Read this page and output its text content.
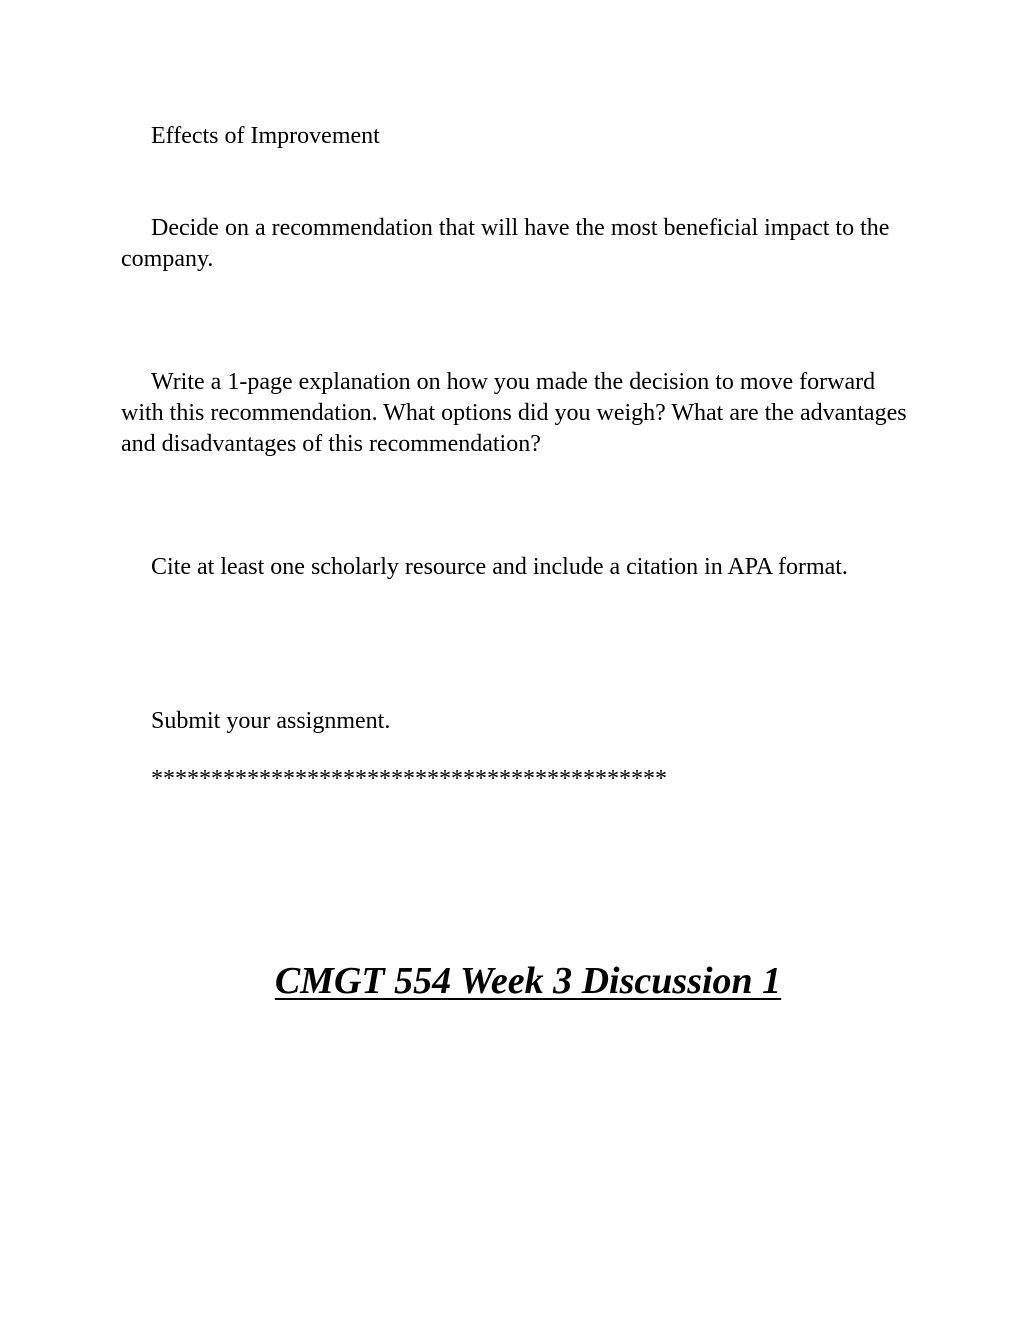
Effects of Improvement

Decide on a recommendation that will have the most beneficial impact to the company.

Write a 1-page explanation on how you made the decision to move forward with this recommendation. What options did you weigh? What are the advantages and disadvantages of this recommendation?

Cite at least one scholarly resource and include a citation in APA format.

Submit your assignment.

*******************************************

CMGT 554 Week 3 Discussion 1
